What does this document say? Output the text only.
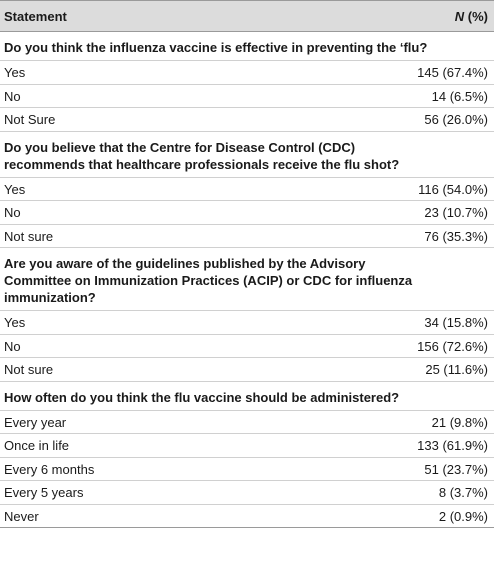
Statement	N (%)
Do you think the influenza vaccine is effective in preventing the ‘flu?
Yes	145 (67.4%)
No	14 (6.5%)
Not Sure	56 (26.0%)
Do you believe that the Centre for Disease Control (CDC) recommends that healthcare professionals receive the flu shot?
Yes	116 (54.0%)
No	23 (10.7%)
Not sure	76 (35.3%)
Are you aware of the guidelines published by the Advisory Committee on Immunization Practices (ACIP) or CDC for influenza immunization?
Yes	34 (15.8%)
No	156 (72.6%)
Not sure	25 (11.6%)
How often do you think the flu vaccine should be administered?
Every year	21 (9.8%)
Once in life	133 (61.9%)
Every 6 months	51 (23.7%)
Every 5 years	8 (3.7%)
Never	2 (0.9%)
